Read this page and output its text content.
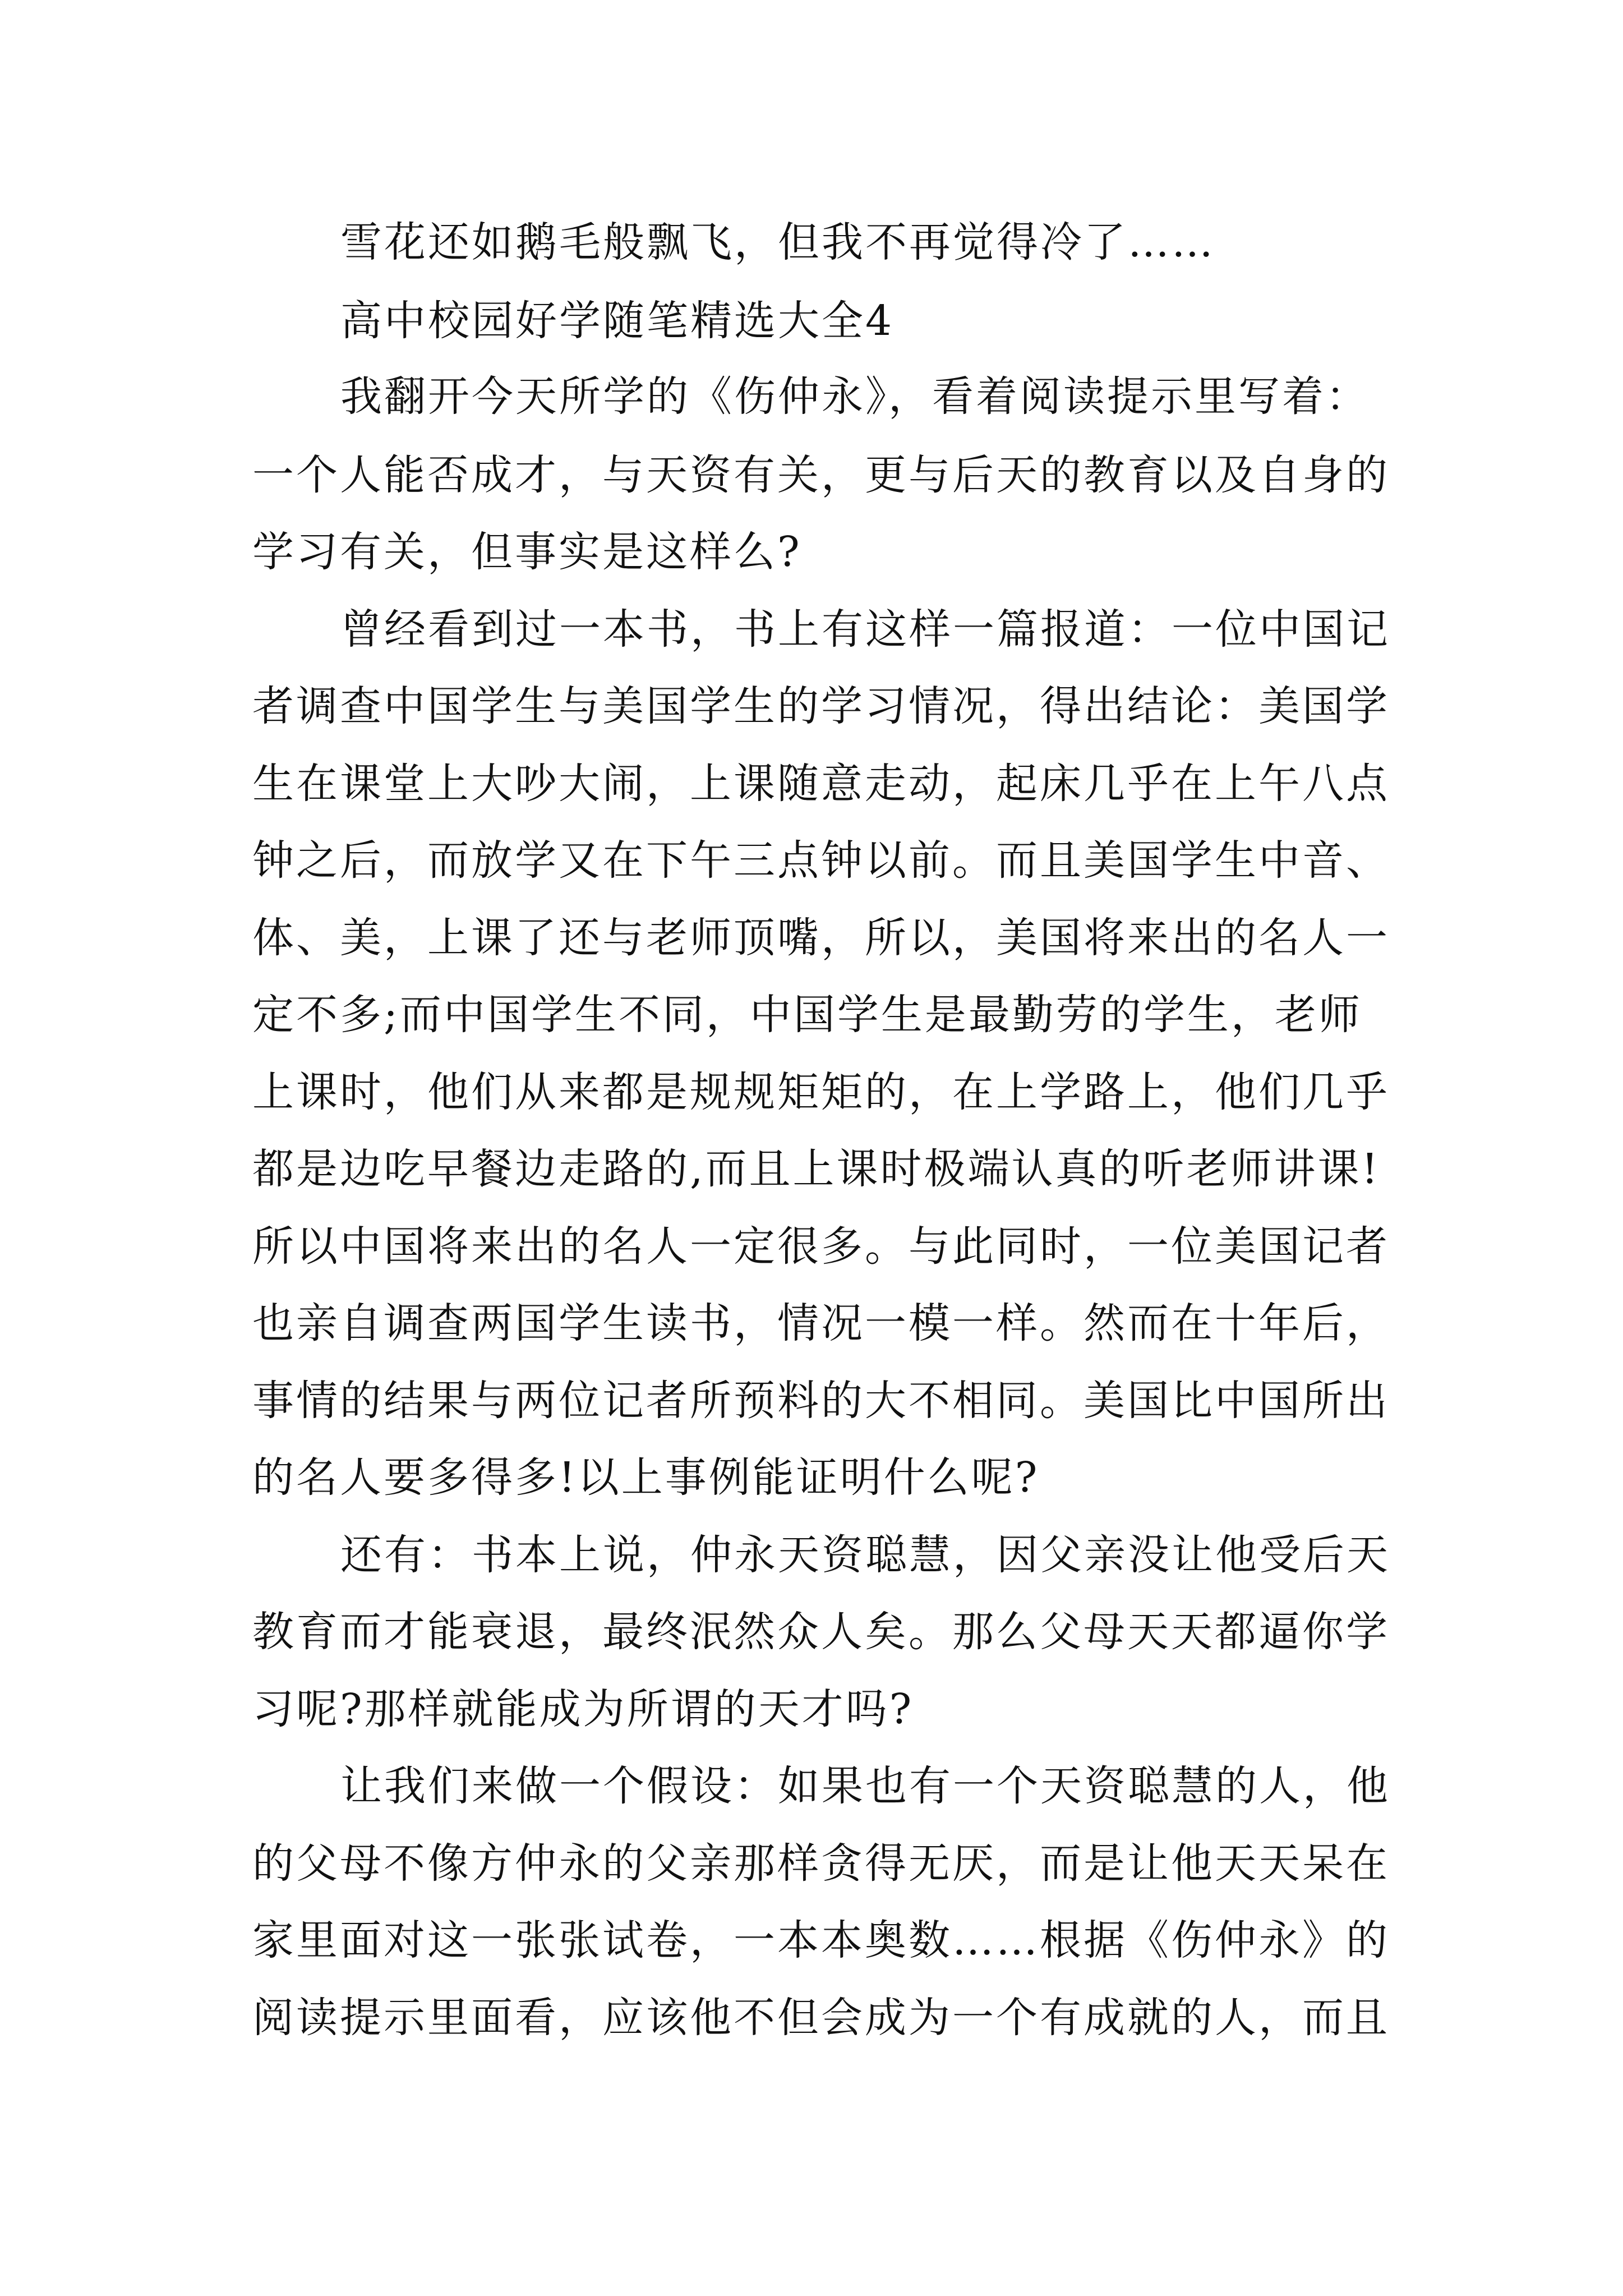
雪花还如鹅毛般飘飞，但我不再觉得冷了……
高中校园好学随笔精选大全4
我翻开今天所学的《伤仲永》，看着阅读提示里写着：
一个人能否成才，与天资有关，更与后天的教育以及自身的
学习有关，但事实是这样么?
曾经看到过一本书，书上有这样一篇报道：一位中国记
者调查中国学生与美国学生的学习情况，得出结论：美国学
生在课堂上大吵大闹，上课随意走动，起床几乎在上午八点
钟之后，而放学又在下午三点钟以前。而且美国学生中音、
体、美，上课了还与老师顶嘴，所以，美国将来出的名人一
定不多;而中国学生不同，中国学生是最勤劳的学生，老师
上课时，他们从来都是规规矩矩的，在上学路上，他们几乎
都是边吃早餐边走路的,而且上课时极端认真的听老师讲课!
所以中国将来出的名人一定很多。与此同时，一位美国记者
也亲自调查两国学生读书，情况一模一样。然而在十年后，
事情的结果与两位记者所预料的大不相同。美国比中国所出
的名人要多得多!以上事例能证明什么呢?
还有：书本上说，仲永天资聪慧，因父亲没让他受后天
教育而才能衰退，最终泯然众人矣。那么父母天天都逼你学
习呢?那样就能成为所谓的天才吗?
让我们来做一个假设：如果也有一个天资聪慧的人，他
的父母不像方仲永的父亲那样贪得无厌，而是让他天天呆在
家里面对这一张张试卷，一本本奥数……根据《伤仲永》的
阅读提示里面看，应该他不但会成为一个有成就的人，而且
